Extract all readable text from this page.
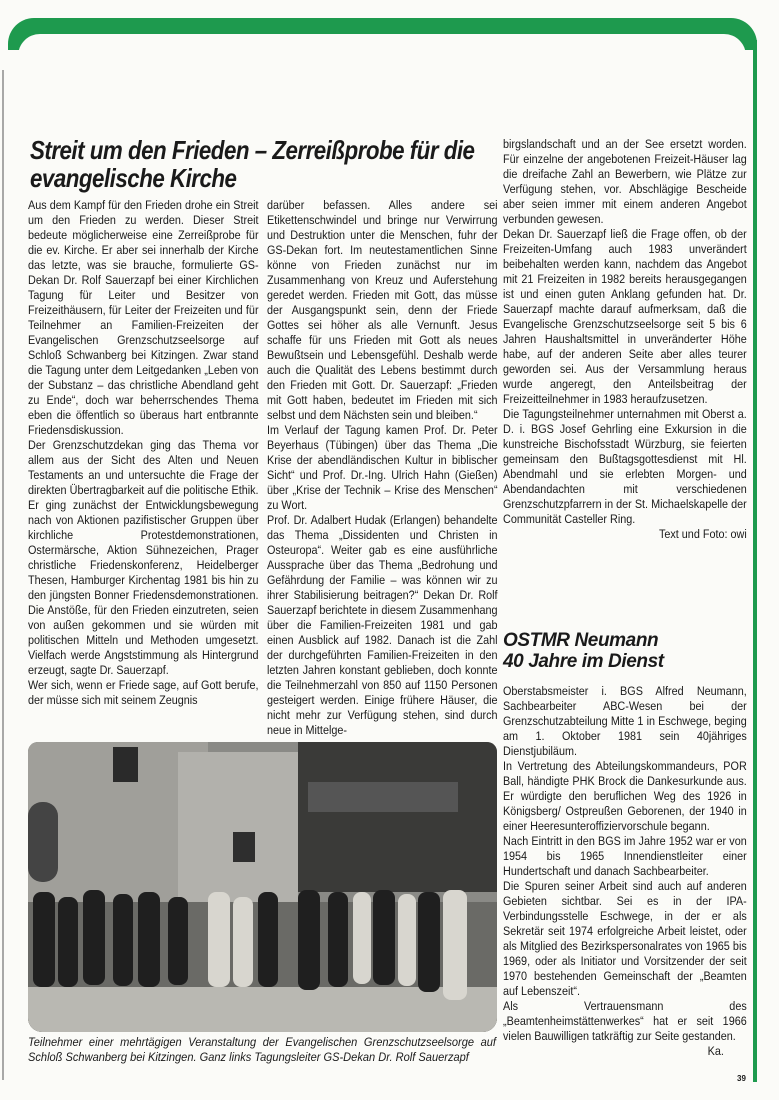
Streit um den Frieden – Zerreißprobe für die evangelische Kirche

Aus dem Kampf für den Frieden drohe ein Streit um den Frieden zu werden. Dieser Streit bedeute möglicherweise eine Zerreißprobe für die ev. Kirche. Er aber sei innerhalb der Kirche das letzte, was sie brauche, formulierte GS-Dekan Dr. Rolf Sauerzapf bei einer Kirchlichen Tagung für Leiter und Besitzer von Freizeithäusern, für Leiter der Freizeiten und für Teilnehmer an Familien-Freizeiten der Evangelischen Grenzschutzseelsorge auf Schloß Schwanberg bei Kitzingen. Zwar stand die Tagung unter dem Leitgedanken „Leben von der Substanz – das christliche Abendland geht zu Ende“, doch war beherrschendes Thema eben die öffentlich so überaus hart entbrannte Friedensdiskussion.

Der Grenzschutzdekan ging das Thema vor allem aus der Sicht des Alten und Neuen Testaments an und untersuchte die Frage der direkten Übertragbarkeit auf die politische Ethik. Er ging zunächst der Entwicklungsbewegung nach von Aktionen pazifistischer Gruppen über kirchliche Protestdemonstrationen, Ostermärsche, Aktion Sühnezeichen, Prager christliche Friedenskonferenz, Heidelberger Thesen, Hamburger Kirchentag 1981 bis hin zu den jüngsten Bonner Friedensdemonstrationen. Die Anstöße, für den Frieden einzutreten, seien von außen gekommen und sie würden mit politischen Mitteln und Methoden umgesetzt. Vielfach werde Angststimmung als Hintergrund erzeugt, sagte Dr. Sauerzapf.

Wer sich, wenn er Friede sage, auf Gott berufe, der müsse sich mit seinem Zeugnis

darüber befassen. Alles andere sei Etikettenschwindel und bringe nur Verwirrung und Destruktion unter die Menschen, fuhr der GS-Dekan fort. Im neutestamentlichen Sinne könne von Frieden zunächst nur im Zusammenhang von Kreuz und Auferstehung geredet werden. Frieden mit Gott, das müsse der Ausgangspunkt sein, denn der Friede Gottes sei höher als alle Vernunft. Jesus schaffe für uns Frieden mit Gott als neues Bewußtsein und Lebensgefühl. Deshalb werde auch die Qualität des Lebens bestimmt durch den Frieden mit Gott. Dr. Sauerzapf: „Frieden mit Gott haben, bedeutet im Frieden mit sich selbst und dem Nächsten sein und bleiben.“

Im Verlauf der Tagung kamen Prof. Dr. Peter Beyerhaus (Tübingen) über das Thema „Die Krise der abendländischen Kultur in biblischer Sicht“ und Prof. Dr.-Ing. Ulrich Hahn (Gießen) über „Krise der Technik – Krise des Menschen“ zu Wort.

Prof. Dr. Adalbert Hudak (Erlangen) behandelte das Thema „Dissidenten und Christen in Osteuropa“. Weiter gab es eine ausführliche Aussprache über das Thema „Bedrohung und Gefährdung der Familie – was können wir zu ihrer Stabilisierung beitragen?“ Dekan Dr. Rolf Sauerzapf berichtete in diesem Zusammenhang über die Familien-Freizeiten 1981 und gab einen Ausblick auf 1982. Danach ist die Zahl der durchgeführten Familien-Freizeiten in den letzten Jahren konstant geblieben, doch konnte die Teilnehmerzahl von 850 auf 1150 Personen gesteigert werden. Einige frühere Häuser, die nicht mehr zur Verfügung stehen, sind durch neue in Mittelge-

birgslandschaft und an der See ersetzt worden. Für einzelne der angebotenen Freizeit-Häuser lag die dreifache Zahl an Bewerbern, wie Plätze zur Verfügung stehen, vor. Abschlägige Bescheide aber seien immer mit einem anderen Angebot verbunden gewesen.

Dekan Dr. Sauerzapf ließ die Frage offen, ob der Freizeiten-Umfang auch 1983 unverändert beibehalten werden kann, nachdem das Angebot mit 21 Freizeiten in 1982 bereits herausgegangen ist und einen guten Anklang gefunden hat. Dr. Sauerzapf machte darauf aufmerksam, daß die Evangelische Grenzschutzseelsorge seit 5 bis 6 Jahren Haushaltsmittel in unveränderter Höhe habe, auf der anderen Seite aber alles teurer geworden sei. Aus der Versammlung heraus wurde angeregt, den Anteilsbeitrag der Freizeitteilnehmer in 1983 heraufzusetzen.

Die Tagungsteilnehmer unternahmen mit Oberst a. D. i. BGS Josef Gehrling eine Exkursion in die kunstreiche Bischofsstadt Würzburg, sie feierten gemeinsam den Bußtagsgottesdienst mit Hl. Abendmahl und sie erlebten Morgen- und Abendandachten mit verschiedenen Grenzschutzpfarrern in der St. Michaelskapelle der Communität Casteller Ring.

Text und Foto: owi

OSTMR Neumann
40 Jahre im Dienst

Oberstabsmeister i. BGS Alfred Neumann, Sachbearbeiter ABC-Wesen bei der Grenzschutzabteilung Mitte 1 in Eschwege, beging am 1. Oktober 1981 sein 40jähriges Dienstjubiläum.

In Vertretung des Abteilungskommandeurs, POR Ball, händigte PHK Brock die Dankesurkunde aus. Er würdigte den beruflichen Weg des 1926 in Königsberg/ Ostpreußen Geborenen, der 1940 in einer Heeresunteroffiziervorschule begann.

Nach Eintritt in den BGS im Jahre 1952 war er von 1954 bis 1965 Innendienstleiter einer Hundertschaft und danach Sachbearbeiter.

Die Spuren seiner Arbeit sind auch auf anderen Gebieten sichtbar. Sei es in der IPA-Verbindungsstelle Eschwege, in der er als Sekretär seit 1974 erfolgreiche Arbeit leistet, oder als Mitglied des Bezirkspersonalrates von 1965 bis 1969, oder als Initiator und Vorsitzender der seit 1970 bestehenden Gemeinschaft der „Beamten auf Lebenszeit“.

Als Vertrauensmann des „Beamtenheimstättenwerkes“ hat er seit 1966 vielen Bauwilligen tatkräftig zur Seite gestanden.

Ka.

39
Teilnehmer einer mehrtägigen Veranstaltung der Evangelischen Grenzschutzseelsorge auf Schloß Schwanberg bei Kitzingen. Ganz links Tagungsleiter GS-Dekan Dr. Rolf Sauerzapf
